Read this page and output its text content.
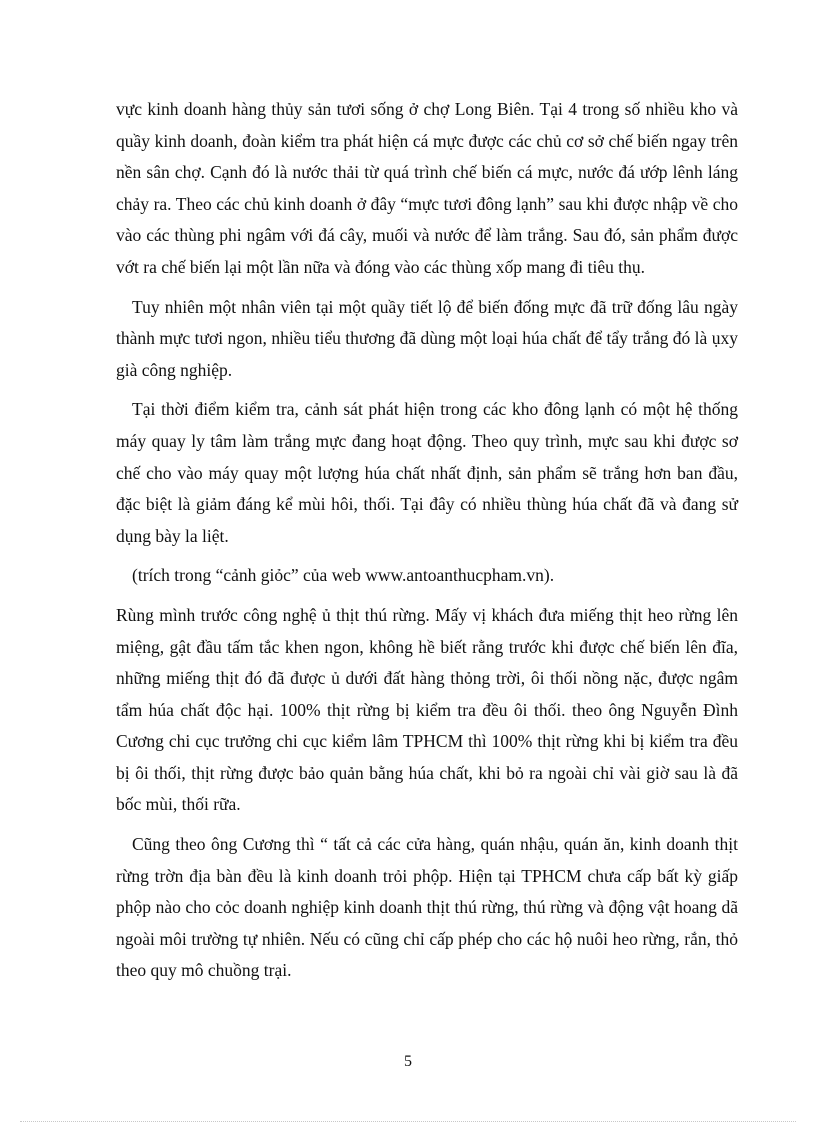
vực kinh doanh hàng thủy sản tươi sống ở chợ Long Biên. Tại 4 trong số nhiều kho và quầy kinh doanh, đoàn kiểm tra phát hiện cá mực được các chủ cơ sở chế biến ngay trên nền sân chợ. Cạnh đó là nước thải từ quá trình chế biến cá mực, nước đá ướp lênh láng chảy ra. Theo các chủ kinh doanh ở đây “mực tươi đông lạnh” sau khi được nhập về cho vào các thùng phi ngâm với đá cây, muối và nước để làm trắng. Sau đó, sản phẩm được vớt ra chế biến lại một lần nữa và đóng vào các thùng xốp mang đi tiêu thụ.

Tuy nhiên một nhân viên tại một quầy tiết lộ để biến đống mực đã trữ đống lâu ngày thành mực tươi ngon, nhiều tiểu thương đã dùng một loại húa chất để tẩy trắng đó là ụxy già công nghiệp.

Tại thời điểm kiểm tra, cảnh sát phát hiện trong các kho đông lạnh có một hệ thống máy quay ly tâm làm trắng mực đang hoạt động. Theo quy trình, mực sau khi được sơ chế cho vào máy quay một lượng húa chất nhất định, sản phẩm sẽ trắng hơn ban đầu, đặc biệt là giảm đáng kể mùi hôi, thối. Tại đây có nhiều thùng húa chất đã và đang sử dụng bày la liệt.

(trích trong “cảnh giỏc” của web www.antoanthucpham.vn).

Rùng mình trước công nghệ ủ thịt thú rừng. Mấy vị khách đưa miếng thịt heo rừng lên miệng, gật đầu tấm tắc khen ngon, không hề biết rằng trước khi được chế biến lên đĩa, những miếng thịt đó đã được ủ dưới đất hàng thỏng trời, ôi thối nồng nặc, được ngâm tẩm húa chất độc hại. 100% thịt rừng bị kiểm tra đều ôi thối. theo ông Nguyễn Đình Cương chi cục trưởng chi cục kiểm lâm TPHCM thì 100% thịt rừng khi bị kiểm tra đều bị ôi thối, thịt rừng được bảo quản bằng húa chất, khi bỏ ra ngoài chỉ vài giờ sau là đã bốc mùi, thối rữa.

Cũng theo ông Cương thì “ tất cả các cửa hàng, quán nhậu, quán ăn, kinh doanh thịt rừng trờn địa bàn đều là kinh doanh trỏi phộp. Hiện tại TPHCM chưa cấp bất kỳ giấp phộp nào cho cỏc doanh nghiệp kinh doanh thịt thú rừng, thú rừng và động vật hoang dã ngoài môi trường tự nhiên. Nếu có cũng chỉ cấp phép cho các hộ nuôi heo rừng, rắn, thỏ theo quy mô chuồng trại.

5
